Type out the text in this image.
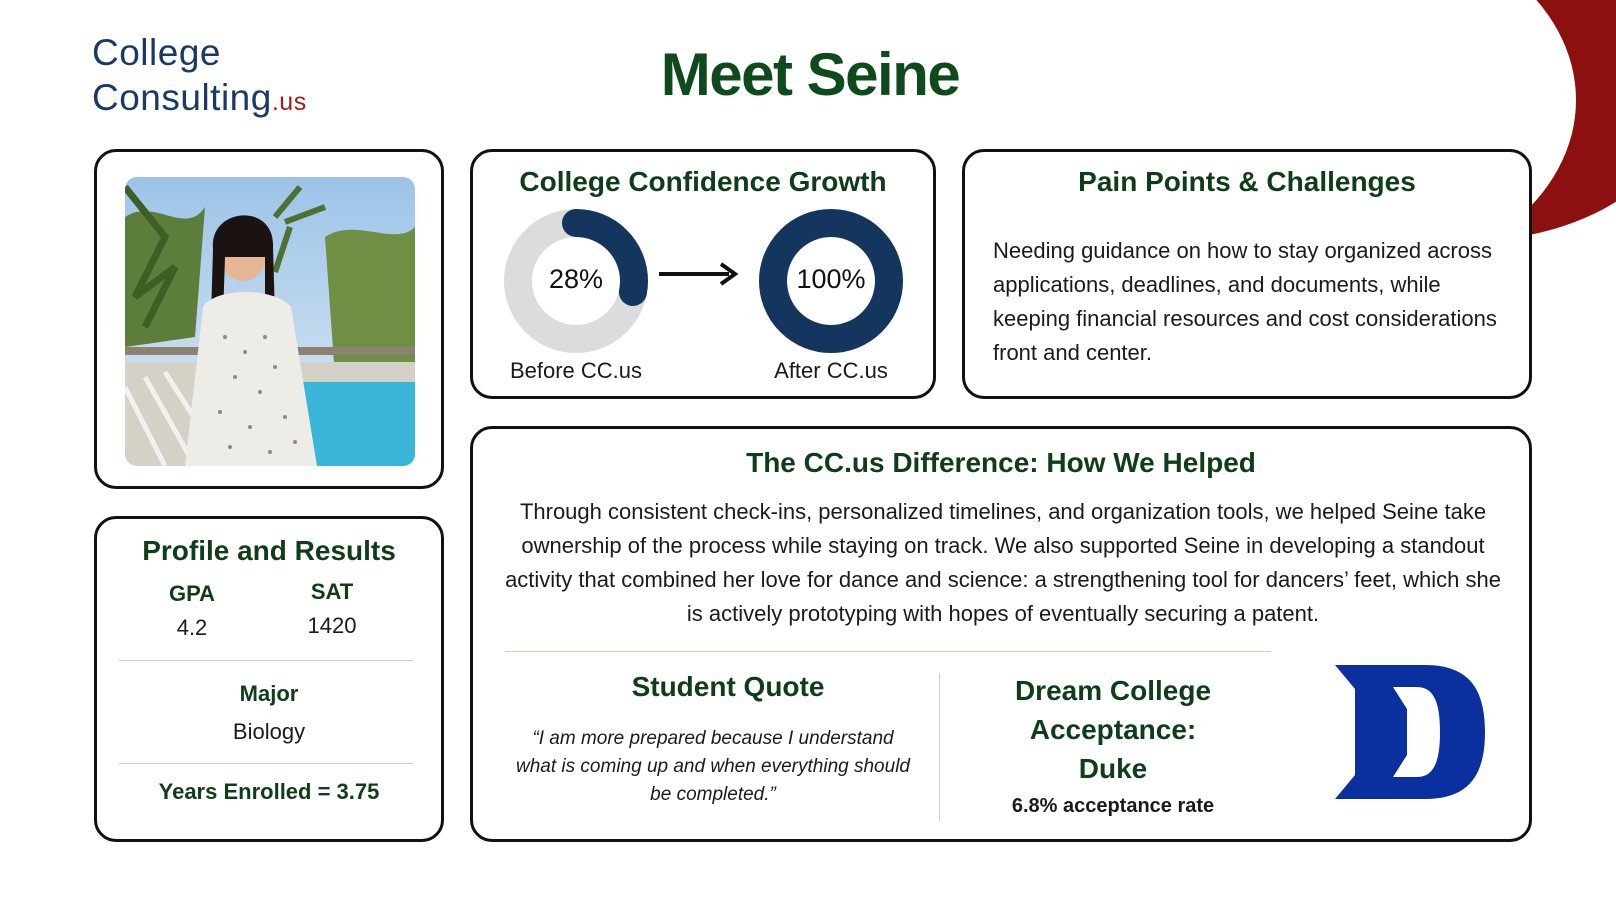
College
Consulting.us	Meet Seine
College Confidence Growth
28%	100%
Before CC.us	After CC.us
Pain Points & Challenges
Needing guidance on how to stay organized across applications, deadlines, and documents, while keeping financial resources and cost considerations front and center.
Profile and Results
GPA
4.2
SAT
1420
Major
Biology
Years Enrolled = 3.75
The CC.us Difference: How We Helped
Through consistent check-ins, personalized timelines, and organization tools, we helped Seine take ownership of the process while staying on track. We also supported Seine in developing a standout activity that combined her love for dance and science: a strengthening tool for dancers’ feet, which she is actively prototyping with hopes of eventually securing a patent.
Student Quote
“I am more prepared because I understand what is coming up and when everything should be completed.”
Dream College
Acceptance:
Duke
6.8% acceptance rate
